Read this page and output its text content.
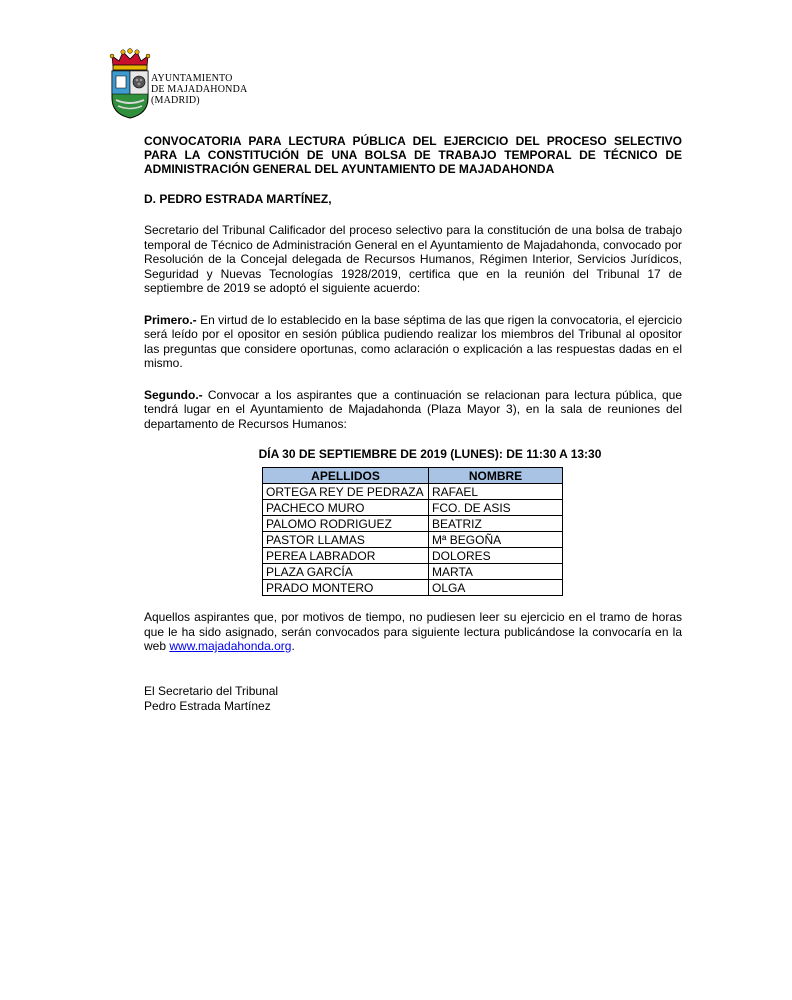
AYUNTAMIENTO
DE MAJADAHONDA
(MADRID)

CONVOCATORIA PARA LECTURA PÚBLICA DEL EJERCICIO DEL PROCESO SELECTIVO PARA LA CONSTITUCIÓN DE UNA BOLSA DE TRABAJO TEMPORAL DE TÉCNICO DE ADMINISTRACIÓN GENERAL DEL AYUNTAMIENTO DE MAJADAHONDA

D. PEDRO ESTRADA MARTÍNEZ,

Secretario del Tribunal Calificador del proceso selectivo para la constitución de una bolsa de trabajo temporal de Técnico de Administración General en el Ayuntamiento de Majadahonda, convocado por Resolución de la Concejal delegada de Recursos Humanos, Régimen Interior, Servicios Jurídicos, Seguridad y Nuevas Tecnologías 1928/2019, certifica que en la reunión del Tribunal 17 de septiembre de 2019 se adoptó el siguiente acuerdo:

Primero.- En virtud de lo establecido en la base séptima de las que rigen la convocatoria, el ejercicio será leído por el opositor en sesión pública pudiendo realizar los miembros del Tribunal al opositor las preguntas que considere oportunas, como aclaración o explicación a las respuestas dadas en el mismo.

Segundo.- Convocar a los aspirantes que a continuación se relacionan para lectura pública, que tendrá lugar en el Ayuntamiento de Majadahonda (Plaza Mayor 3), en la sala de reuniones del departamento de Recursos Humanos:

DÍA 30 DE SEPTIEMBRE DE 2019 (LUNES): DE 11:30 A 13:30
APELLIDOS	NOMBRE
ORTEGA REY DE PEDRAZA	RAFAEL
PACHECO MURO	FCO. DE ASIS
PALOMO RODRIGUEZ	BEATRIZ
PASTOR LLAMAS	Mª BEGOÑA
PEREA LABRADOR	DOLORES
PLAZA GARCÍA	MARTA
PRADO MONTERO	OLGA

Aquellos aspirantes que, por motivos de tiempo, no pudiesen leer su ejercicio en el tramo de horas que le ha sido asignado, serán convocados para siguiente lectura publicándose la convocaría en la web www.majadahonda.org.

El Secretario del Tribunal
Pedro Estrada Martínez
